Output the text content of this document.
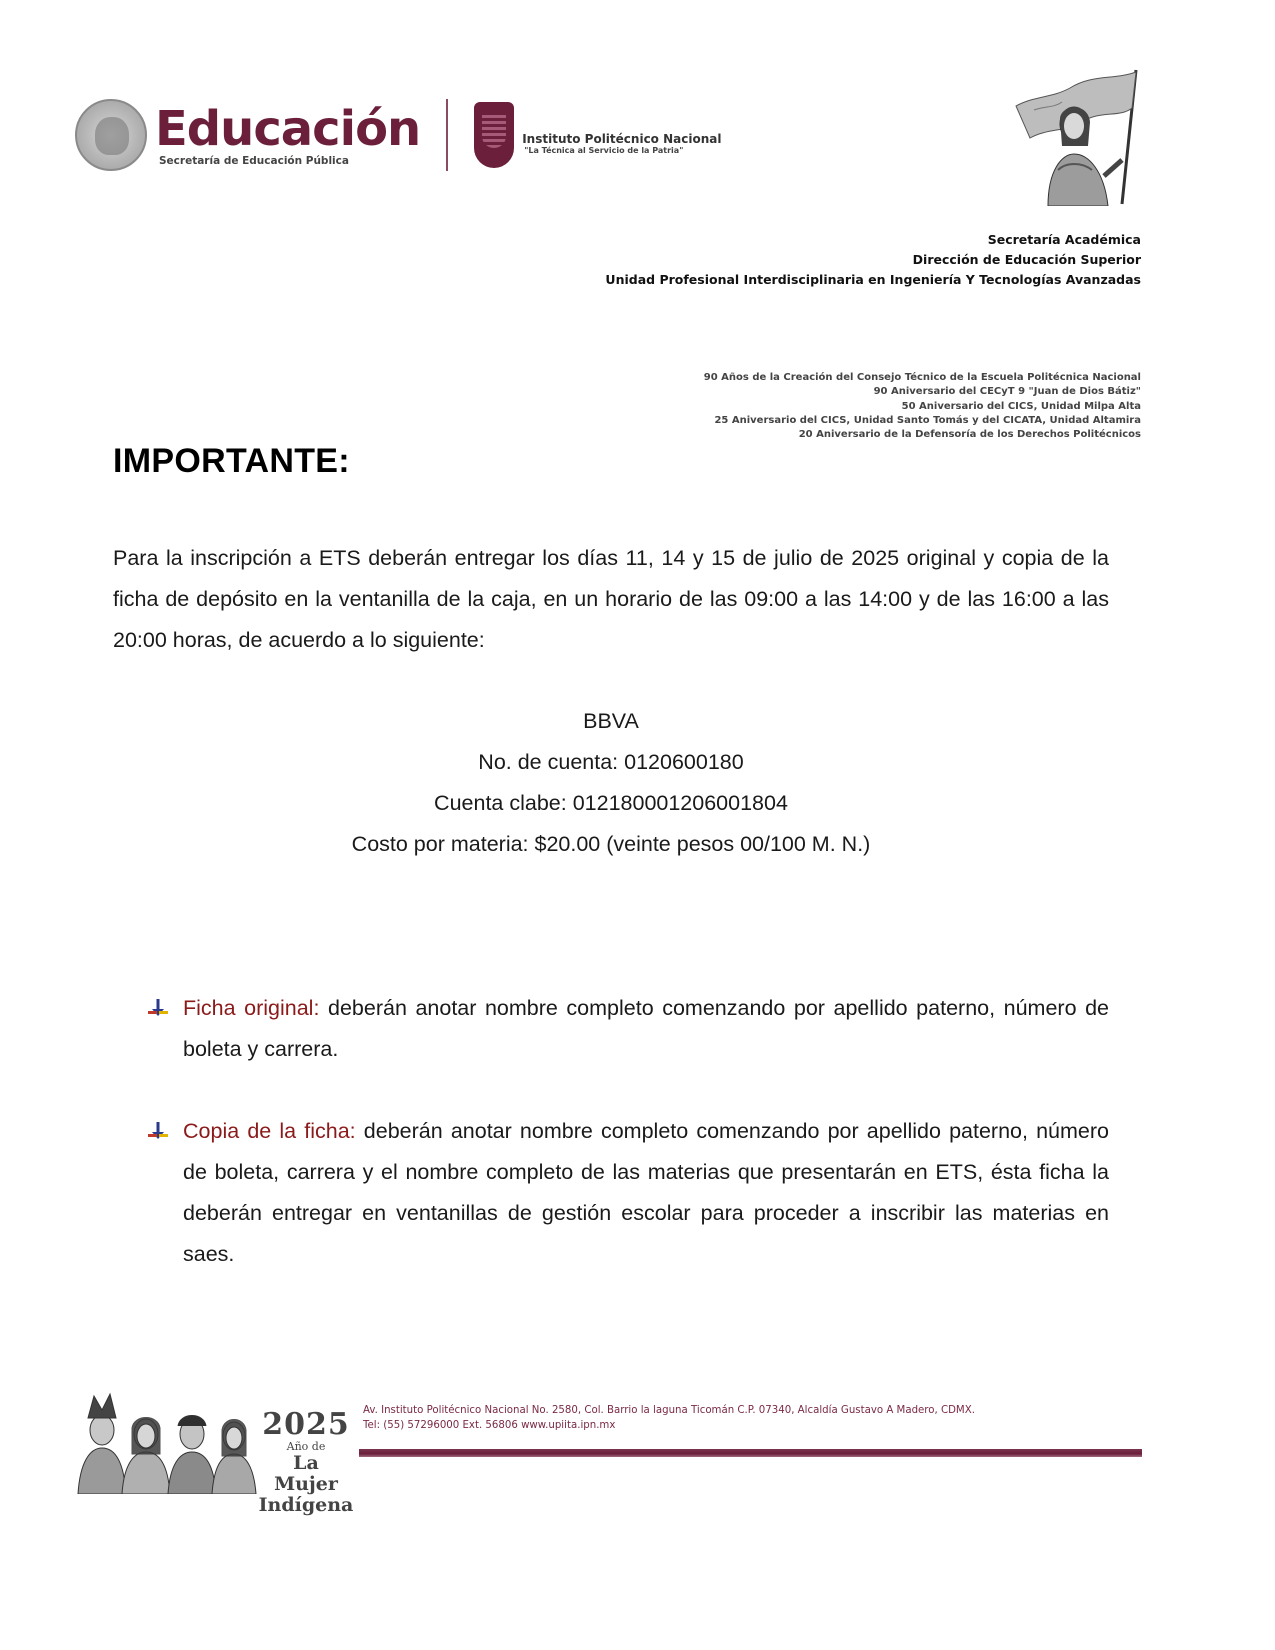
Educación
Secretaría de Educación Pública
Instituto Politécnico Nacional
"La Técnica al Servicio de la Patria"
Secretaría Académica
Dirección de Educación Superior
Unidad Profesional Interdisciplinaria en Ingeniería Y Tecnologías Avanzadas
90 Años de la Creación del Consejo Técnico de la Escuela Politécnica Nacional
90 Aniversario del CECyT 9 "Juan de Dios Bátiz"
50 Aniversario del CICS, Unidad Milpa Alta
25 Aniversario del CICS, Unidad Santo Tomás y del CICATA, Unidad Altamira
20 Aniversario de la Defensoría de los Derechos Politécnicos
IMPORTANTE:

Para la inscripción a ETS deberán entregar los días 11, 14 y 15 de julio de 2025 original y copia de la ficha de depósito en la ventanilla de la caja, en un horario de las 09:00 a las 14:00 y de las 16:00 a las 20:00 horas, de acuerdo a lo siguiente:

BBVA
No. de cuenta: 0120600180
Cuenta clabe: 012180001206001804
Costo por materia: $20.00 (veinte pesos 00/100 M. N.)

Ficha original: deberán anotar nombre completo comenzando por apellido paterno, número de boleta y carrera.

Copia de la ficha: deberán anotar nombre completo comenzando por apellido paterno, número de boleta, carrera y el nombre completo de las materias que presentarán en ETS, ésta ficha la deberán entregar en ventanillas de gestión escolar para proceder a inscribir las materias en saes.

2025
Año de
La Mujer
Indígena
Av. Instituto Politécnico Nacional No. 2580, Col. Barrio la laguna Ticomán C.P. 07340, Alcaldía Gustavo A Madero, CDMX.
Tel: (55) 57296000 Ext. 56806 www.upiita.ipn.mx
